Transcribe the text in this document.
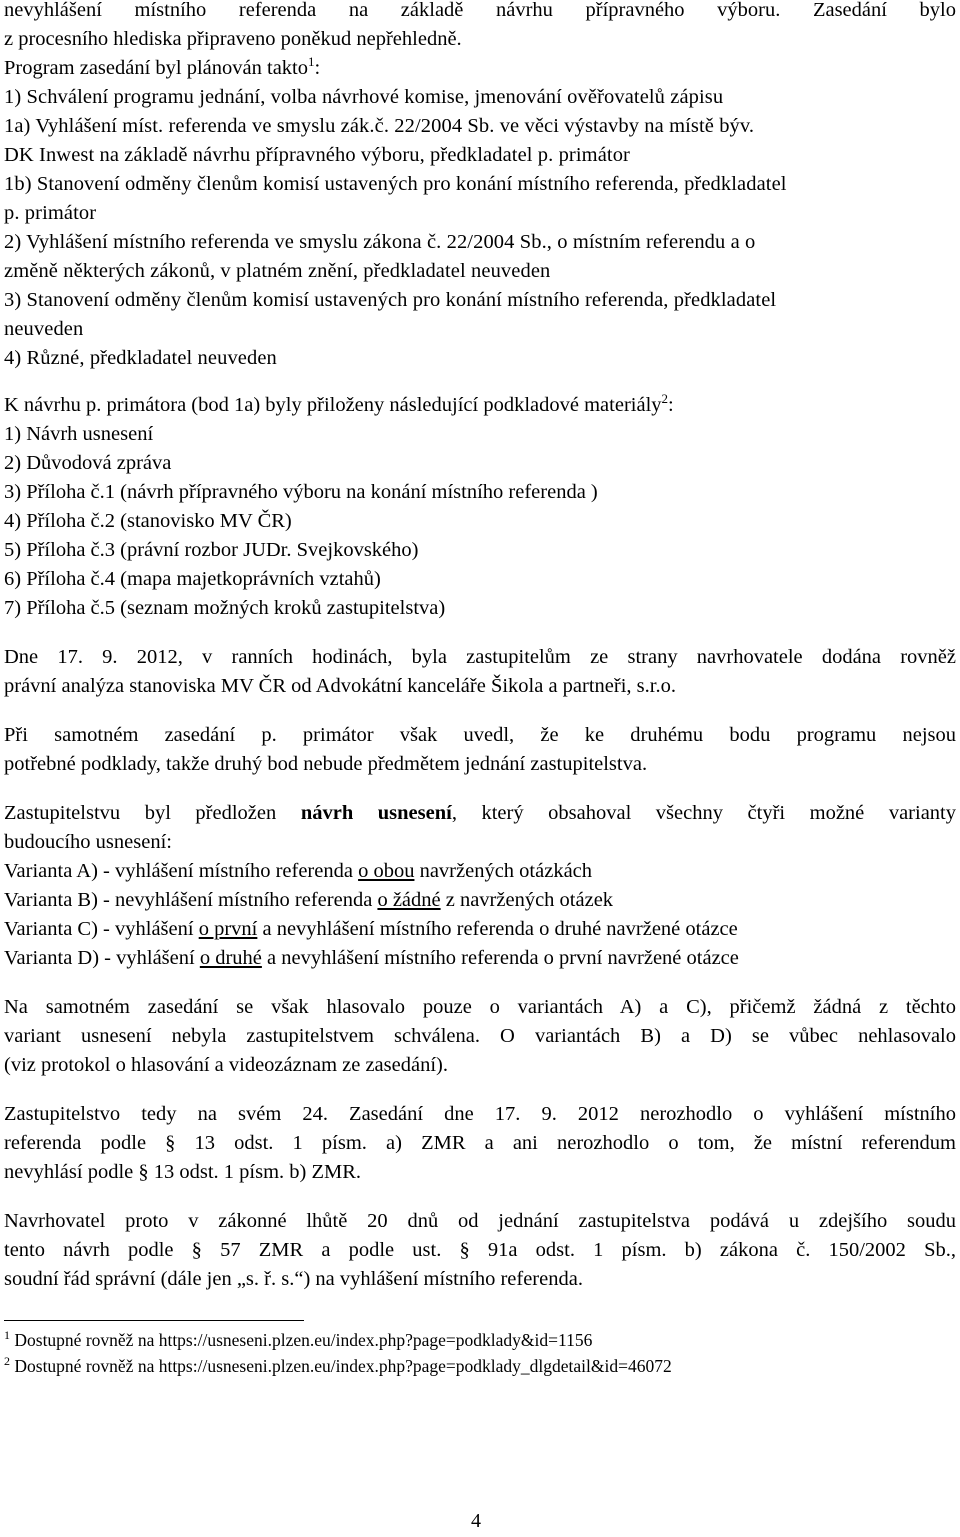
nevyhlášení místního referenda na základě návrhu přípravného výboru. Zasedání bylo
z procesního hlediska připraveno poněkud nepřehledně.
Program zasedání byl plánován takto$^1$:
1) Schválení programu jednání, volba návrhové komise, jmenování ověřovatelů zápisu
1a) Vyhlášení míst. referenda ve smyslu zák.č. 22/2004 Sb. ve věci výstavby na místě býv.
DK Inwest na základě návrhu přípravného výboru, předkladatel p. primátor
1b) Stanovení odměny členům komisí ustavených pro konání místního referenda, předkladatel
p. primátor
2) Vyhlášení místního referenda ve smyslu zákona č. 22/2004 Sb., o místním referendu a o
změně některých zákonů, v platném znění, předkladatel neuveden
3) Stanovení odměny členům komisí ustavených pro konání místního referenda, předkladatel
neuveden
4) Různé, předkladatel neuveden
K návrhu p. primátora (bod 1a) byly přiloženy následující podkladové materiály$^2$:
1) Návrh usnesení
2) Důvodová zpráva
3) Příloha č.1 (návrh přípravného výboru na konání místního referenda )
4) Příloha č.2 (stanovisko MV ČR)
5) Příloha č.3 (právní rozbor JUDr. Svejkovského)
6) Příloha č.4 (mapa majetkoprávních vztahů)
7) Příloha č.5 (seznam možných kroků zastupitelstva)
Dne 17. 9. 2012, v ranních hodinách, byla zastupitelům ze strany navrhovatele dodána rovněž
právní analýza stanoviska MV ČR od Advokátní kanceláře Šikola a partneři, s.r.o.
Při samotném zasedání p. primátor však uvedl, že ke druhému bodu programu nejsou
potřebné podklady, takže druhý bod nebude předmětem jednání zastupitelstva.
Zastupitelstvu byl předložen návrh usnesení, který obsahoval všechny čtyři možné varianty
budoucího usnesení:
Varianta A) - vyhlášení místního referenda o obou navržených otázkách
Varianta B) - nevyhlášení místního referenda o žádné z navržených otázek
Varianta C) - vyhlášení o první a nevyhlášení místního referenda o druhé navržené otázce
Varianta D) - vyhlášení o druhé a nevyhlášení místního referenda o první navržené otázce
Na samotném zasedání se však hlasovalo pouze o variantách A) a C), přičemž žádná z těchto
variant usnesení nebyla zastupitelstvem schválena. O variantách B) a D) se vůbec nehlasovalo
(viz protokol o hlasování a videozáznam ze zasedání).
Zastupitelstvo tedy na svém 24. Zasedání dne 17. 9. 2012 nerozhodlo o vyhlášení místního
referenda podle § 13 odst. 1 písm. a) ZMR a ani nerozhodlo o tom, že místní referendum
nevyhlásí podle § 13 odst. 1 písm. b) ZMR.
Navrhovatel proto v zákonné lhůtě 20 dnů od jednání zastupitelstva podává u zdejšího soudu
tento návrh podle § 57 ZMR a podle ust. § 91a odst. 1 písm. b) zákona č. 150/2002 Sb.,
soudní řád správní (dále jen „s. ř. s.“) na vyhlášení místního referenda.
$^1$ Dostupné rovněž na https://usneseni.plzen.eu/index.php?page=podklady&id=1156
$^2$ Dostupné rovněž na https://usneseni.plzen.eu/index.php?page=podklady_dlgdetail&id=46072
4
